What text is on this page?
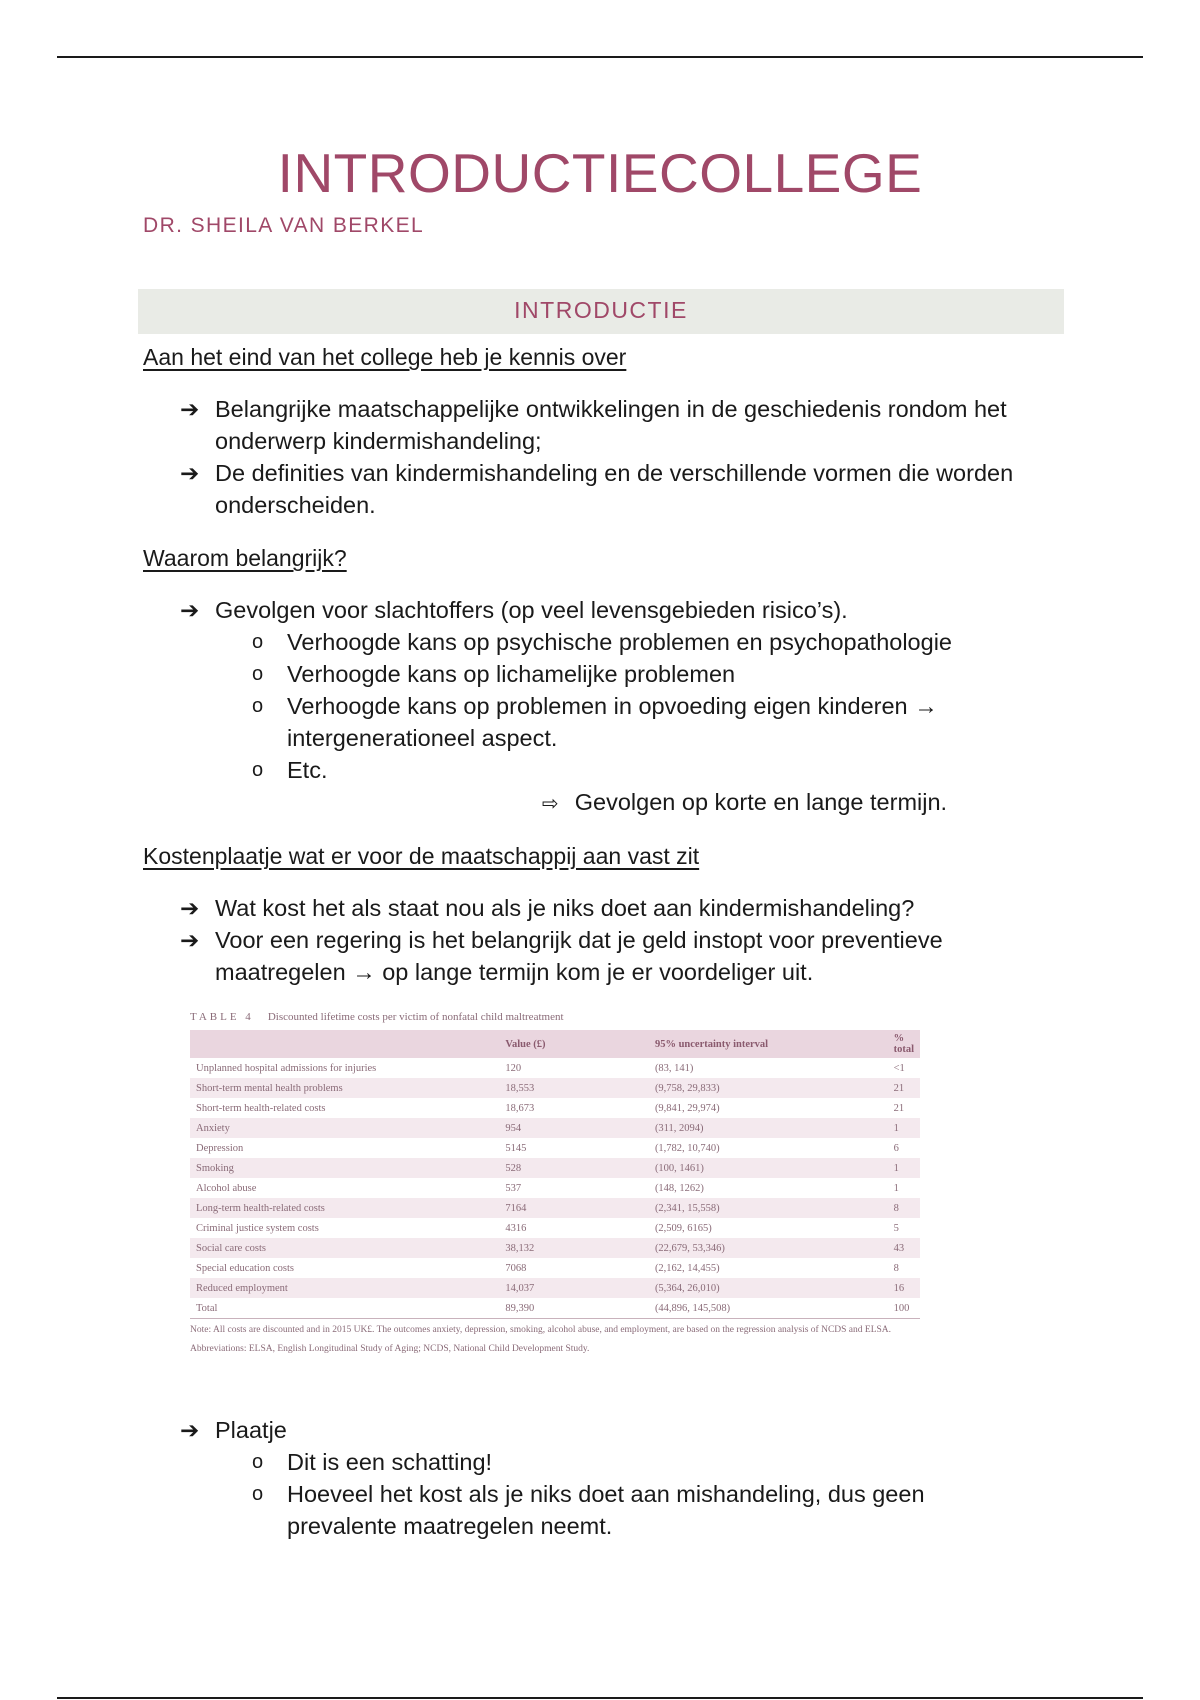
INTRODUCTIECOLLEGE
DR. SHEILA VAN BERKEL
INTRODUCTIE
Aan het eind van het college heb je kennis over
➔ Belangrijke maatschappelijke ontwikkelingen in de geschiedenis rondom het onderwerp kindermishandeling;
➔ De definities van kindermishandeling en de verschillende vormen die worden onderscheiden.
Waarom belangrijk?
➔ Gevolgen voor slachtoffers (op veel levensgebieden risico’s).
o Verhoogde kans op psychische problemen en psychopathologie
o Verhoogde kans op lichamelijke problemen
o Verhoogde kans op problemen in opvoeding eigen kinderen → intergenerationeel aspect.
o Etc.
⇨ Gevolgen op korte en lange termijn.
Kostenplaatje wat er voor de maatschappij aan vast zit
➔ Wat kost het als staat nou als je niks doet aan kindermishandeling?
➔ Voor een regering is het belangrijk dat je geld instopt voor preventieve maatregelen → op lange termijn kom je er voordeliger uit.
TABLE 4 Discounted lifetime costs per victim of nonfatal child maltreatment
	Value (£)	95% uncertainty interval	% total
Unplanned hospital admissions for injuries	120	(83, 141)	<1
Short-term mental health problems	18,553	(9,758, 29,833)	21
Short-term health-related costs	18,673	(9,841, 29,974)	21
Anxiety	954	(311, 2094)	1
Depression	5145	(1,782, 10,740)	6
Smoking	528	(100, 1461)	1
Alcohol abuse	537	(148, 1262)	1
Long-term health-related costs	7164	(2,341, 15,558)	8
Criminal justice system costs	4316	(2,509, 6165)	5
Social care costs	38,132	(22,679, 53,346)	43
Special education costs	7068	(2,162, 14,455)	8
Reduced employment	14,037	(5,364, 26,010)	16
Total	89,390	(44,896, 145,508)	100
Note: All costs are discounted and in 2015 UK£. The outcomes anxiety, depression, smoking, alcohol abuse, and employment, are based on the regression analysis of NCDS and ELSA.
Abbreviations: ELSA, English Longitudinal Study of Aging; NCDS, National Child Development Study.
➔ Plaatje
o Dit is een schatting!
o Hoeveel het kost als je niks doet aan mishandeling, dus geen prevalente maatregelen neemt.
